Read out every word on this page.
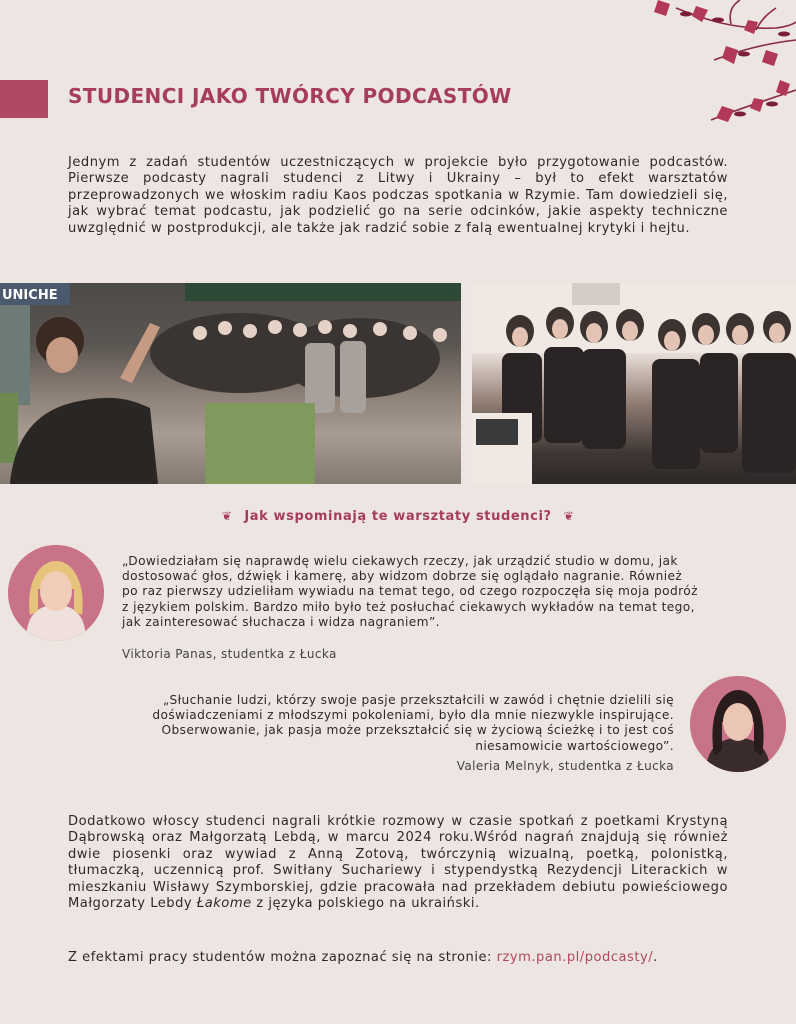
STUDENCI JAKO TWÓRCY PODCASTÓW

Jednym z zadań studentów uczestniczących w projekcie było przygotowanie podcastów. Pierwsze podcasty nagrali studenci z Litwy i Ukrainy – był to efekt warsztatów przeprowadzonych we włoskim radiu Kaos podczas spotkania w Rzymie. Tam dowiedzieli się, jak wybrać temat podcastu, jak podzielić go na serie odcinków, jakie aspekty techniczne uwzględnić w postprodukcji, ale także jak radzić sobie z falą ewentualnej krytyki i hejtu.

UNICHE
❦ Jak wspominają te warsztaty studenci? ❦

„Dowiedziałam się naprawdę wielu ciekawych rzeczy, jak urządzić studio w domu, jak dostosować głos, dźwięk i kamerę, aby widzom dobrze się oglądało nagranie. Również po raz pierwszy udzieliłam wywiadu na temat tego, od czego rozpoczęła się moja podróż z językiem polskim. Bardzo miło było też posłuchać ciekawych wykładów na temat tego, jak zainteresować słuchacza i widza nagraniem”.

Viktoria Panas, studentka z Łucka

„Słuchanie ludzi, którzy swoje pasje przekształcili w zawód i chętnie dzielili się doświadczeniami z młodszymi pokoleniami, było dla mnie niezwykle inspirujące. Obserwowanie, jak pasja może przekształcić się w życiową ścieżkę i to jest coś niesamowicie wartościowego”.

Valeria Melnyk, studentka z Łucka

Dodatkowo włoscy studenci nagrali krótkie rozmowy w czasie spotkań z poetkami Krystyną Dąbrowską oraz Małgorzatą Lebdą, w marcu 2024 roku.Wśród nagrań znajdują się również dwie piosenki oraz wywiad z Anną Zotovą, twórczynią wizualną, poetką, polonistką, tłumaczką, uczennicą prof. Switłany Suchariewy i stypendystką Rezydencji Literackich w mieszkaniu Wisławy Szymborskiej, gdzie pracowała nad przekładem debiutu powieściowego Małgorzaty Lebdy Łakome z języka polskiego na ukraiński.

Z efektami pracy studentów można zapoznać się na stronie: rzym.pan.pl/podcasty/.
